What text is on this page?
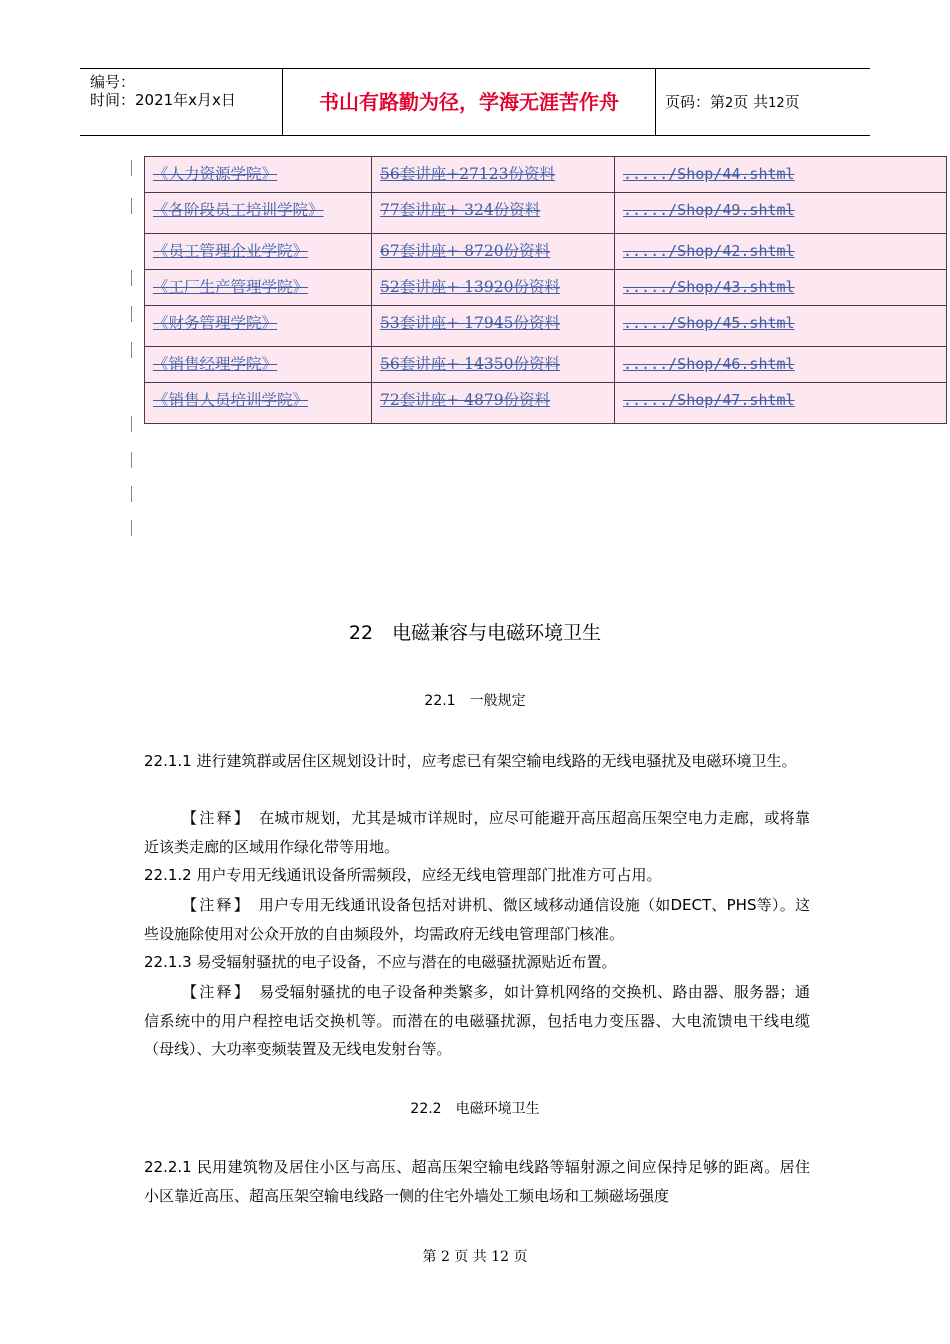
编号：
时间：2021年x月x日	书山有路勤为径，学海无涯苦作舟	页码：第2页 共12页
《人力资源学院》	56套讲座+27123份资料	...../Shop/44.shtml
《各阶段员工培训学院》	77套讲座+ 324份资料	...../Shop/49.shtml
《员工管理企业学院》	67套讲座+ 8720份资料	...../Shop/42.shtml
《工厂生产管理学院》	52套讲座+ 13920份资料	...../Shop/43.shtml
《财务管理学院》	53套讲座+ 17945份资料	...../Shop/45.shtml
《销售经理学院》	56套讲座+ 14350份资料	...../Shop/46.shtml
《销售人员培训学院》	72套讲座+ 4879份资料	...../Shop/47.shtml
22　电磁兼容与电磁环境卫生
22.1　一般规定
22.1.1 进行建筑群或居住区规划设计时，应考虑已有架空输电线路的无线电骚扰及电磁环境卫生。
【注释】　 在城市规划，尤其是城市详规时，应尽可能避开高压超高压架空电力走廊，或将靠近该类走廊的区域用作绿化带等用地。
22.1.2 用户专用无线通讯设备所需频段，应经无线电管理部门批准方可占用。
【注释】　 用户专用无线通讯设备包括对讲机、微区域移动通信设施（如DECT、PHS等）。这些设施除使用对公众开放的自由频段外，均需政府无线电管理部门核准。
22.1.3 易受辐射骚扰的电子设备，不应与潜在的电磁骚扰源贴近布置。
【注释】　 易受辐射骚扰的电子设备种类繁多，如计算机网络的交换机、路由器、服务器；通信系统中的用户程控电话交换机等。而潜在的电磁骚扰源，包括电力变压器、大电流馈电干线电缆（母线）、大功率变频装置及无线电发射台等。
22.2　电磁环境卫生
22.2.1 民用建筑物及居住小区与高压、超高压架空输电线路等辐射源之间应保持足够的距离。居住小区靠近高压、超高压架空输电线路一侧的住宅外墙处工频电场和工频磁场强度
第 2 页 共 12 页
